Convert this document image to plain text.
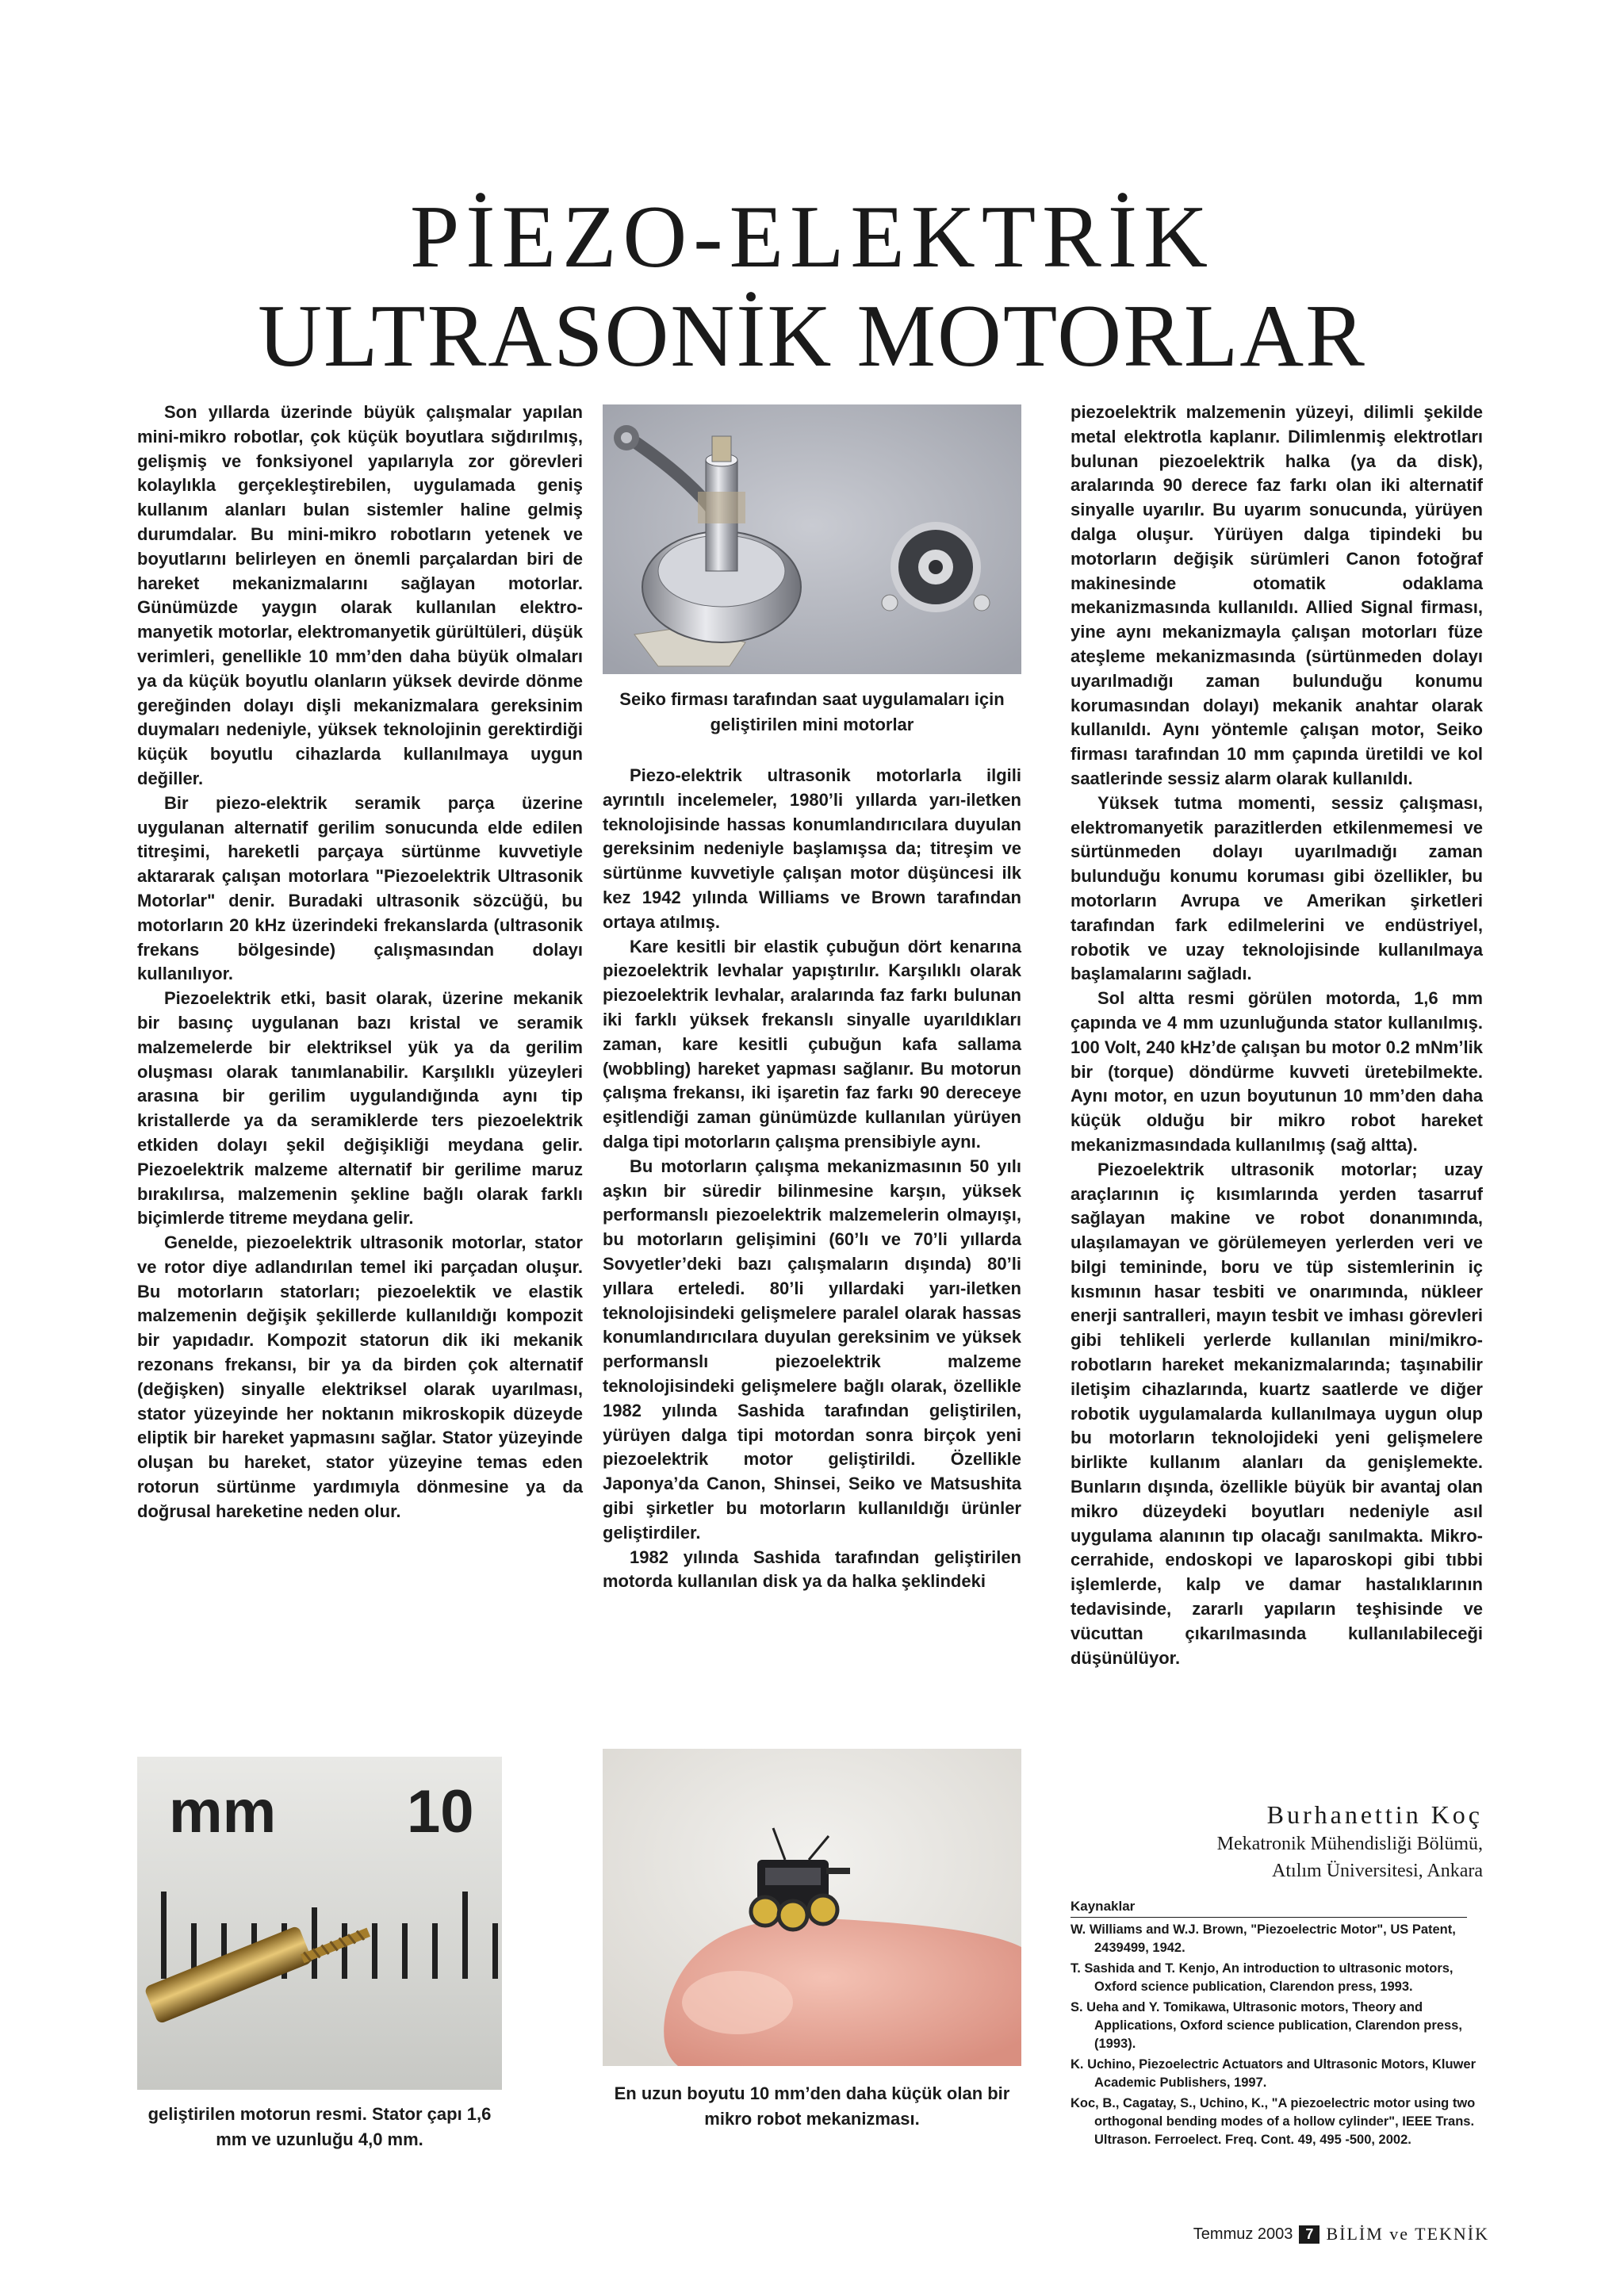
PİEZO-ELEKTRİK
ULTRASONİK MOTORLAR

Son yıllarda üzerinde büyük çalışmalar yapılan mini-mikro robotlar, çok küçük boyutlara sığdırılmış, gelişmiş ve fonksiyonel yapılarıyla zor görevleri kolaylıkla gerçekleştirebilen, uygulamada geniş kullanım alanları bulan sistemler haline gelmiş durumdalar. Bu mini-mikro robotların yetenek ve boyutlarını belirleyen en önemli parçalardan biri de hareket mekanizmalarını sağlayan motorlar. Günümüzde yaygın olarak kullanılan elektro-manyetik motorlar, elektromanyetik gürültüleri, düşük verimleri, genellikle 10 mm’den daha büyük olmaları ya da küçük boyutlu olanların yüksek devirde dönme gereğinden dolayı dişli mekanizmalara gereksinim duymaları nedeniyle, yüksek teknolojinin gerektirdiği küçük boyutlu cihazlarda kullanılmaya uygun değiller.

Bir piezo-elektrik seramik parça üzerine uygulanan alternatif gerilim sonucunda elde edilen titreşimi, hareketli parçaya sürtünme kuvvetiyle aktararak çalışan motorlara "Piezoelektrik Ultrasonik Motorlar" denir. Buradaki ultrasonik sözcüğü, bu motorların 20 kHz üzerindeki frekanslarda (ultrasonik frekans bölgesinde) çalışmasından dolayı kullanılıyor.

Piezoelektrik etki, basit olarak, üzerine mekanik bir basınç uygulanan bazı kristal ve seramik malzemelerde bir elektriksel yük ya da gerilim oluşması olarak tanımlanabilir. Karşılıklı yüzeyleri arasına bir gerilim uygulandığında aynı tip kristallerde ya da seramiklerde ters piezoelektrik etkiden dolayı şekil değişikliği meydana gelir. Piezoelektrik malzeme alternatif bir gerilime maruz bırakılırsa, malzemenin şekline bağlı olarak farklı biçimlerde titreme meydana gelir.

Genelde, piezoelektrik ultrasonik motorlar, stator ve rotor diye adlandırılan temel iki parçadan oluşur. Bu motorların statorları; piezoelektik ve elastik malzemenin değişik şekillerde kullanıldığı kompozit bir yapıdadır. Kompozit statorun dik iki mekanik rezonans frekansı, bir ya da birden çok alternatif (değişken) sinyalle elektriksel olarak uyarılması, stator yüzeyinde her noktanın mikroskopik düzeyde eliptik bir hareket yapmasını sağlar. Stator yüzeyinde oluşan bu hareket, stator yüzeyine temas eden rotorun sürtünme yardımıyla dönmesine ya da doğrusal hareketine neden olur.

Seiko firması tarafından saat uygulamaları için geliştirilen mini motorlar

Piezo-elektrik ultrasonik motorlarla ilgili ayrıntılı incelemeler, 1980’li yıllarda yarı-iletken teknolojisinde hassas konumlandırıcılara duyulan gereksinim nedeniyle başlamışsa da; titreşim ve sürtünme kuvvetiyle çalışan motor düşüncesi ilk kez 1942 yılında Williams ve Brown tarafından ortaya atılmış.

Kare kesitli bir elastik çubuğun dört kenarına piezoelektrik levhalar yapıştırılır. Karşılıklı olarak piezoelektrik levhalar, aralarında faz farkı bulunan iki farklı yüksek frekanslı sinyalle uyarıldıkları zaman, kare kesitli çubuğun kafa sallama (wobbling) hareket yapması sağlanır. Bu motorun çalışma frekansı, iki işaretin faz farkı 90 dereceye eşitlendiği zaman günümüzde kullanılan yürüyen dalga tipi motorların çalışma prensibiyle aynı.

Bu motorların çalışma mekanizmasının 50 yılı aşkın bir süredir bilinmesine karşın, yüksek performanslı piezoelektrik malzemelerin olmayışı, bu motorların gelişimini (60’lı ve 70’li yıllarda Sovyetler’deki bazı çalışmaların dışında) 80’li yıllara erteledi. 80’li yıllardaki yarı-iletken teknolojisindeki gelişmelere paralel olarak hassas konumlandırıcılara duyulan gereksinim ve yüksek performanslı piezoelektrik malzeme teknolojisindeki gelişmelere bağlı olarak, özellikle 1982 yılında Sashida tarafından geliştirilen, yürüyen dalga tipi motordan sonra birçok yeni piezoelektrik motor geliştirildi. Özellikle Japonya’da Canon, Shinsei, Seiko ve Matsushita gibi şirketler bu motorların kullanıldığı ürünler geliştirdiler.

1982 yılında Sashida tarafından geliştirilen motorda kullanılan disk ya da halka şeklindeki

piezoelektrik malzemenin yüzeyi, dilimli şekilde metal elektrotla kaplanır. Dilimlenmiş elektrotları bulunan piezoelektrik halka (ya da disk), aralarında 90 derece faz farkı olan iki alternatif sinyalle uyarılır. Bu uyarım sonucunda, yürüyen dalga oluşur. Yürüyen dalga tipindeki bu motorların değişik sürümleri Canon fotoğraf makinesinde otomatik odaklama mekanizmasında kullanıldı. Allied Signal firması, yine aynı mekanizmayla çalışan motorları füze ateşleme mekanizmasında (sürtünmeden dolayı uyarılmadığı zaman bulunduğu konumu korumasından dolayı) mekanik anahtar olarak kullanıldı. Aynı yöntemle çalışan motor, Seiko firması tarafından 10 mm çapında üretildi ve kol saatlerinde sessiz alarm olarak kullanıldı.

Yüksek tutma momenti, sessiz çalışması, elektromanyetik parazitlerden etkilenmemesi ve sürtünmeden dolayı uyarılmadığı zaman bulunduğu konumu koruması gibi özellikler, bu motorların Avrupa ve Amerikan şirketleri tarafından fark edilmelerini ve endüstriyel, robotik ve uzay teknolojisinde kullanılmaya başlamalarını sağladı.

Sol altta resmi görülen motorda, 1,6 mm çapında ve 4 mm uzunluğunda stator kullanılmış. 100 Volt, 240 kHz’de çalışan bu motor 0.2 mNm’lik bir (torque) döndürme kuvveti üretebilmekte. Aynı motor, en uzun boyutunun 10 mm’den daha küçük olduğu bir mikro robot hareket mekanizmasındada kullanılmış (sağ altta).

Piezoelektrik ultrasonik motorlar; uzay araçlarının iç kısımlarında yerden tasarruf sağlayan makine ve robot donanımında, ulaşılamayan ve görülemeyen yerlerden veri ve bilgi temininde, boru ve tüp sistemlerinin iç kısmının hasar tesbiti ve onarımında, nükleer enerji santralleri, mayın tesbit ve imhası görevleri gibi tehlikeli yerlerde kullanılan mini/mikro-robotların hareket mekanizmalarında; taşınabilir iletişim cihazlarında, kuartz saatlerde ve diğer robotik uygulamalarda kullanılmaya uygun olup bu motorların teknolojideki yeni gelişmelere birlikte kullanım alanları da genişlemekte. Bunların dışında, özellikle büyük bir avantaj olan mikro düzeydeki boyutları nedeniyle asıl uygulama alanının tıp olacağı sanılmakta. Mikro-cerrahide, endoskopi ve laparoskopi gibi tıbbi işlemlerde, kalp ve damar hastalıklarının tedavisinde, zararlı yapıların teşhisinde ve vücuttan çıkarılmasında kullanılabileceği düşünülüyor.

mm 10
geliştirilen motorun resmi. Stator çapı 1,6 mm ve uzunluğu 4,0 mm.
En uzun boyutu 10 mm’den daha küçük olan bir mikro robot mekanizması.
Burhanettin Koç
Mekatronik Mühendisliği Bölümü,
Atılım Üniversitesi, Ankara
Kaynaklar
W. Williams and W.J. Brown, "Piezoelectric Motor", US Patent, 2439499, 1942.
T. Sashida and T. Kenjo, An introduction to ultrasonic motors, Oxford science publication, Clarendon press, 1993.
S. Ueha and Y. Tomikawa, Ultrasonic motors, Theory and Applications, Oxford science publication, Clarendon press, (1993).
K. Uchino, Piezoelectric Actuators and Ultrasonic Motors, Kluwer Academic Publishers, 1997.
Koc, B., Cagatay, S., Uchino, K., "A piezoelectric motor using two orthogonal bending modes of a hollow cylinder", IEEE Trans. Ultrason. Ferroelect. Freq. Cont. 49, 495 -500, 2002.
Temmuz 2003 7 BİLİM ve TEKNİK
